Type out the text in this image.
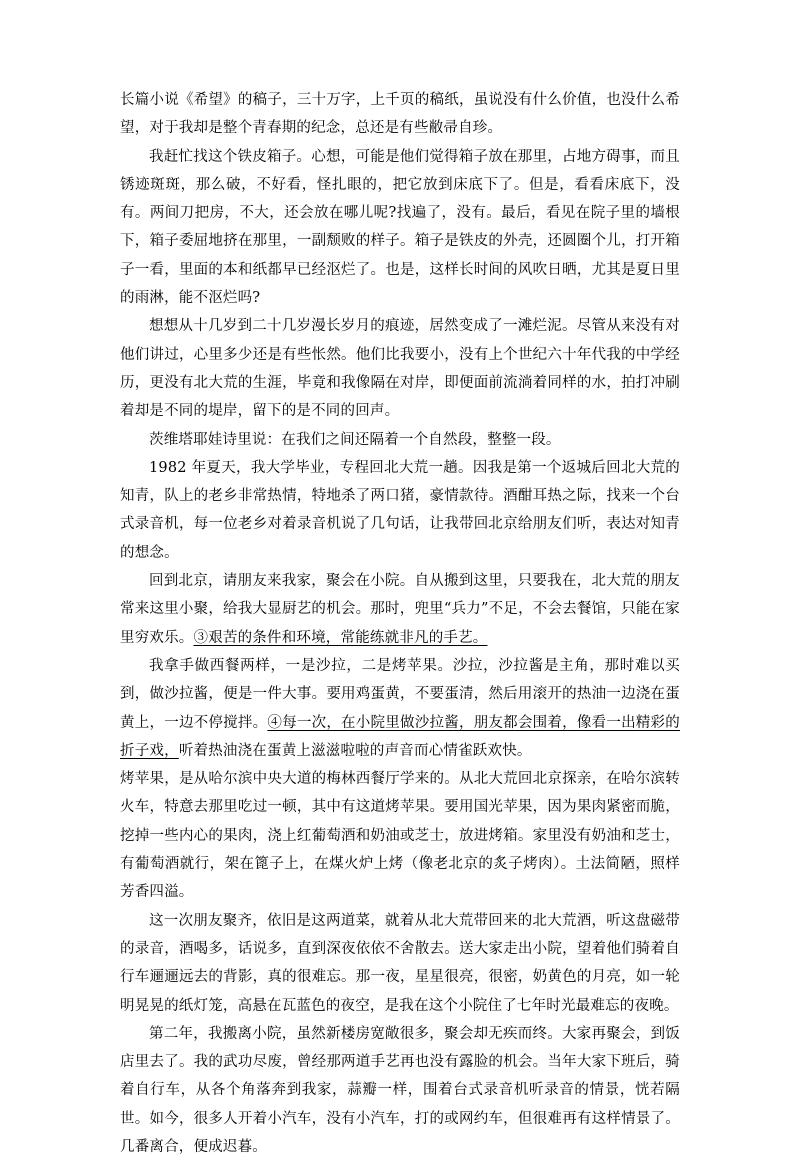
长篇小说《希望》的稿子，三十万字，上千页的稿纸，虽说没有什么价值，也没什么希望，对于我却是整个青春期的纪念，总还是有些敝帚自珍。

我赶忙找这个铁皮箱子。心想，可能是他们觉得箱子放在那里，占地方碍事，而且锈迹斑斑，那么破，不好看，怪扎眼的，把它放到床底下了。但是，看看床底下，没有。两间刀把房，不大，还会放在哪儿呢?找遍了，没有。最后，看见在院子里的墙根下，箱子委屈地挤在那里，一副颓败的样子。箱子是铁皮的外壳，还圆圈个儿，打开箱子一看，里面的本和纸都早已经沤烂了。也是，这样长时间的风吹日晒，尤其是夏日里的雨淋，能不沤烂吗?

想想从十几岁到二十几岁漫长岁月的痕迹，居然变成了一滩烂泥。尽管从来没有对他们讲过，心里多少还是有些怅然。他们比我要小，没有上个世纪六十年代我的中学经历，更没有北大荒的生涯，毕竟和我像隔在对岸，即便面前流淌着同样的水，拍打冲刷着却是不同的堤岸，留下的是不同的回声。

茨维塔耶娃诗里说：在我们之间还隔着一个自然段，整整一段。

1982 年夏天，我大学毕业，专程回北大荒一趟。因我是第一个返城后回北大荒的知青，队上的老乡非常热情，特地杀了两口猪，豪情款待。酒酣耳热之际，找来一个台式录音机，每一位老乡对着录音机说了几句话，让我带回北京给朋友们听，表达对知青的想念。

回到北京，请朋友来我家，聚会在小院。自从搬到这里，只要我在，北大荒的朋友常来这里小聚，给我大显厨艺的机会。那时，兜里“兵力”不足，不会去餐馆，只能在家里穷欢乐。③艰苦的条件和环境，常能练就非凡的手艺。

我拿手做西餐两样，一是沙拉，二是烤苹果。沙拉，沙拉酱是主角，那时难以买到，做沙拉酱，便是一件大事。要用鸡蛋黄，不要蛋清，然后用滚开的热油一边浇在蛋黄上，一边不停搅拌。④每一次，在小院里做沙拉酱，朋友都会围着，像看一出精彩的折子戏，听着热油浇在蛋黄上滋滋啦啦的声音而心情雀跃欢快。

烤苹果，是从哈尔滨中央大道的梅林西餐厅学来的。从北大荒回北京探亲，在哈尔滨转火车，特意去那里吃过一顿，其中有这道烤苹果。要用国光苹果，因为果肉紧密而脆，挖掉一些内心的果肉，浇上红葡萄酒和奶油或芝士，放进烤箱。家里没有奶油和芝士，有葡萄酒就行，架在篦子上，在煤火炉上烤（像老北京的炙子烤肉）。土法简陋，照样芳香四溢。

这一次朋友聚齐，依旧是这两道菜，就着从北大荒带回来的北大荒酒，听这盘磁带的录音，酒喝多，话说多，直到深夜依依不舍散去。送大家走出小院，望着他们骑着自行车逦逦远去的背影，真的很难忘。那一夜，星星很亮，很密，奶黄色的月亮，如一轮明晃晃的纸灯笼，高悬在瓦蓝色的夜空，是我在这个小院住了七年时光最难忘的夜晚。

第二年，我搬离小院，虽然新楼房宽敞很多，聚会却无疾而终。大家再聚会，到饭店里去了。我的武功尽废，曾经那两道手艺再也没有露脸的机会。当年大家下班后，骑着自行车，从各个角落奔到我家，蒜瓣一样，围着台式录音机听录音的情景，恍若隔世。如今，很多人开着小汽车，没有小汽车，打的或网约车，但很难再有这样情景了。几番离合，便成迟暮。
